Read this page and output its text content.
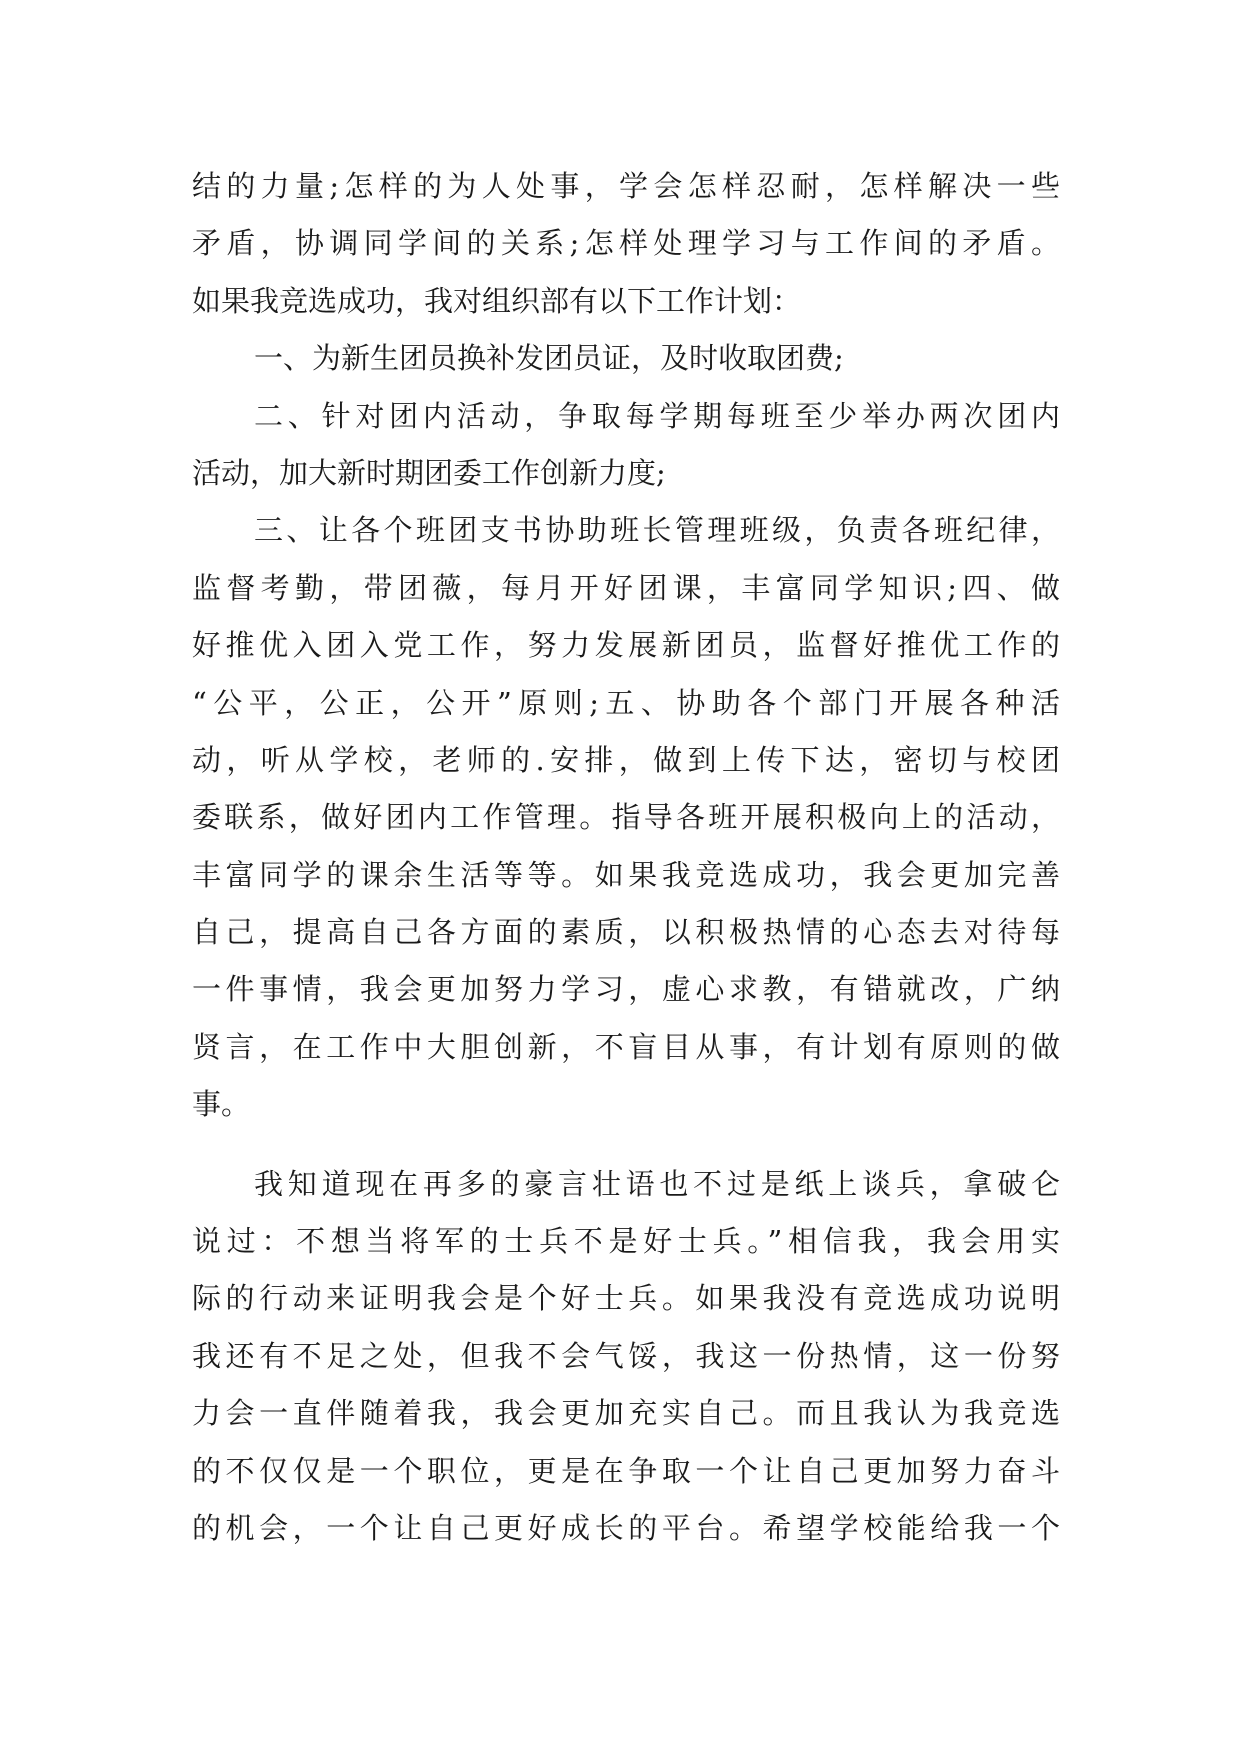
结的力量;怎样的为人处事，学会怎样忍耐，怎样解决一些
矛盾，协调同学间的关系;怎样处理学习与工作间的矛盾。
如果我竞选成功，我对组织部有以下工作计划：
一、为新生团员换补发团员证，及时收取团费;
二、针对团内活动，争取每学期每班至少举办两次团内
活动，加大新时期团委工作创新力度;
三、让各个班团支书协助班长管理班级，负责各班纪律，
监督考勤，带团薇，每月开好团课，丰富同学知识;四、做
好推优入团入党工作，努力发展新团员，监督好推优工作的
“公平，公正，公开”原则;五、协助各个部门开展各种活
动，听从学校，老师的.安排，做到上传下达，密切与校团
委联系，做好团内工作管理。指导各班开展积极向上的活动，
丰富同学的课余生活等等。如果我竞选成功，我会更加完善
自己，提高自己各方面的素质，以积极热情的心态去对待每
一件事情，我会更加努力学习，虚心求教，有错就改，广纳
贤言，在工作中大胆创新，不盲目从事，有计划有原则的做
事。
我知道现在再多的豪言壮语也不过是纸上谈兵，拿破仑
说过：不想当将军的士兵不是好士兵。”相信我，我会用实
际的行动来证明我会是个好士兵。如果我没有竞选成功说明
我还有不足之处，但我不会气馁，我这一份热情，这一份努
力会一直伴随着我，我会更加充实自己。而且我认为我竞选
的不仅仅是一个职位，更是在争取一个让自己更加努力奋斗
的机会，一个让自己更好成长的平台。希望学校能给我一个
